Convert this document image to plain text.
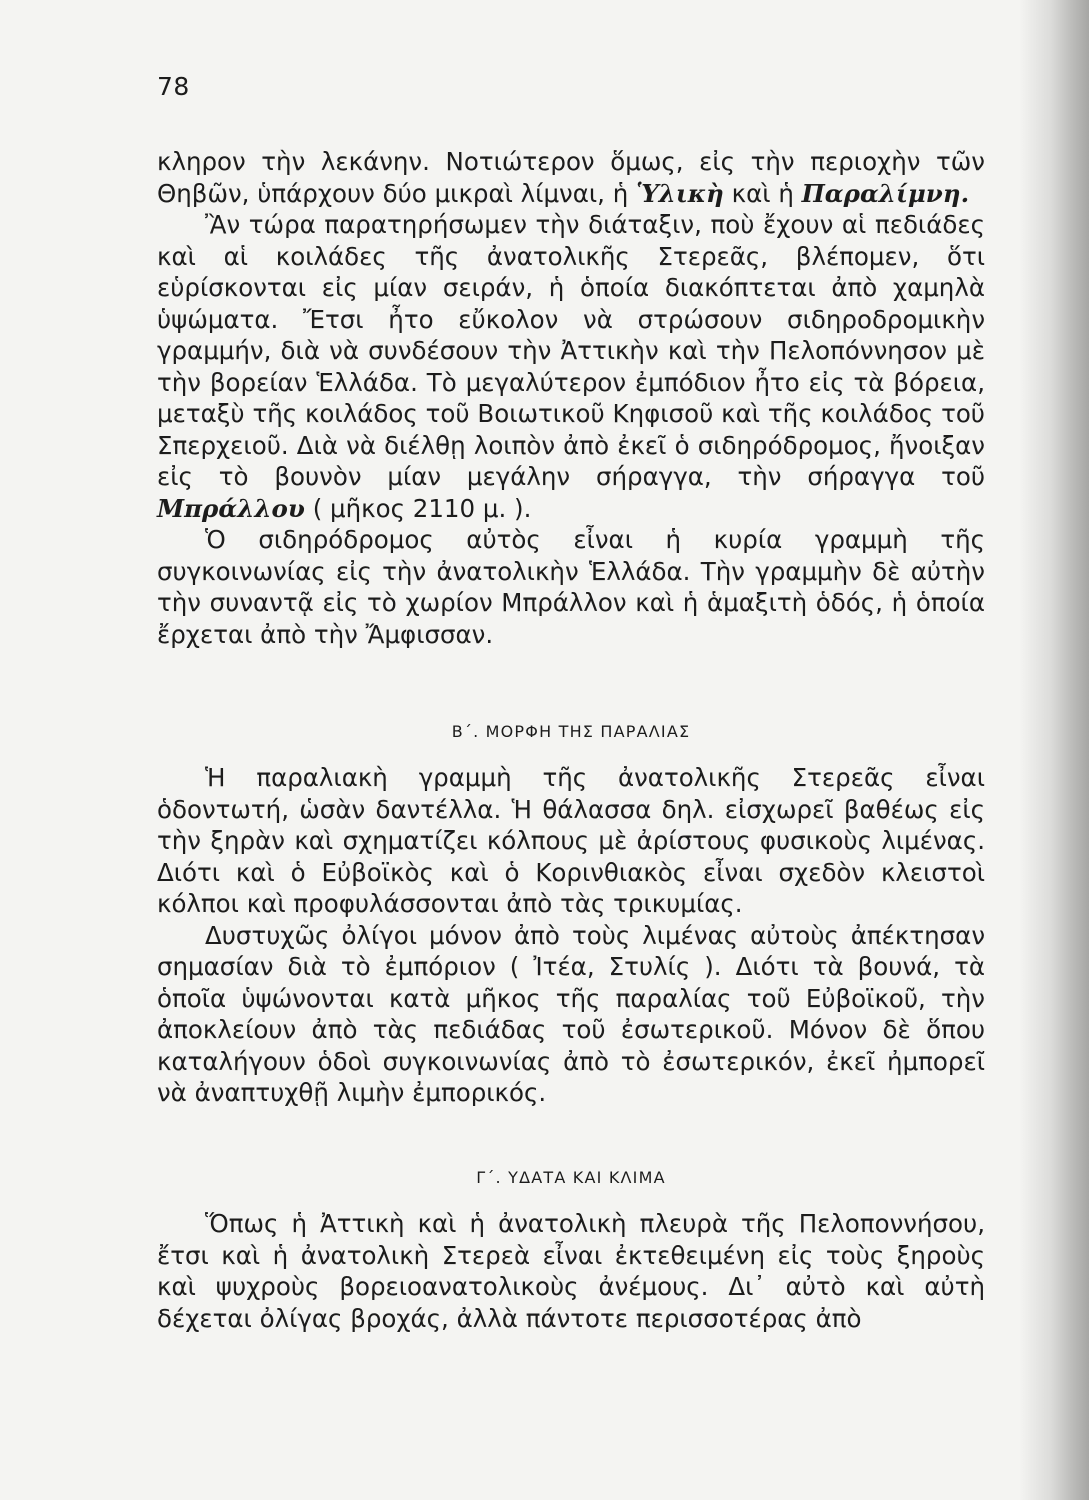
78

κληρον τὴν λεκάνην. Νοτιώτερον ὅμως, εἰς τὴν περιοχὴν τῶν Θηβῶν, ὑπάρχουν δύο μικραὶ λίμναι, ἡ Ὑλικὴ καὶ ἡ Παραλίμνη.

Ἂν τώρα παρατηρήσωμεν τὴν διάταξιν, ποὺ ἔχουν αἱ πεδιάδες καὶ αἱ κοιλάδες τῆς ἀνατολικῆς Στερεᾶς, βλέπομεν, ὅτι εὑρίσκονται εἰς μίαν σειράν, ἡ ὁποία διακόπτεται ἀπὸ χαμηλὰ ὑψώματα. Ἔτσι ἦτο εὔκολον νὰ στρώσουν σιδηροδρομικὴν γραμμήν, διὰ νὰ συνδέσουν τὴν Ἀττικὴν καὶ τὴν Πελοπόννησον μὲ τὴν βορείαν Ἑλλάδα. Τὸ μεγαλύτερον ἐμπόδιον ἦτο εἰς τὰ βόρεια, μεταξὺ τῆς κοιλάδος τοῦ Βοιωτικοῦ Κηφισοῦ καὶ τῆς κοιλάδος τοῦ Σπερχειοῦ. Διὰ νὰ διέλθῃ λοιπὸν ἀπὸ ἐκεῖ ὁ σιδηρόδρομος, ἤνοιξαν εἰς τὸ βουνὸν μίαν μεγάλην σήραγγα, τὴν σήραγγα τοῦ Μπράλλου ( μῆκος 2110 μ. ).

Ὁ σιδηρόδρομος αὐτὸς εἶναι ἡ κυρία γραμμὴ τῆς συγκοινωνίας εἰς τὴν ἀνατολικὴν Ἑλλάδα. Τὴν γραμμὴν δὲ αὐτὴν τὴν συναντᾷ εἰς τὸ χωρίον Μπράλλον καὶ ἡ ἁμαξιτὴ ὁδός, ἡ ὁποία ἔρχεται ἀπὸ τὴν Ἄμφισσαν.

Β΄. ΜΟΡΦΗ ΤΗΣ ΠΑΡΑΛΙΑΣ

Ἡ παραλιακὴ γραμμὴ τῆς ἀνατολικῆς Στερεᾶς εἶναι ὁδοντωτή, ὡσὰν δαντέλλα. Ἡ θάλασσα δηλ. εἰσχωρεῖ βαθέως εἰς τὴν ξηρὰν καὶ σχηματίζει κόλπους μὲ ἀρίστους φυσικοὺς λιμένας. Διότι καὶ ὁ Εὐβοϊκὸς καὶ ὁ Κορινθιακὸς εἶναι σχεδὸν κλειστοὶ κόλποι καὶ προφυλάσσονται ἀπὸ τὰς τρικυμίας.

Δυστυχῶς ὀλίγοι μόνον ἀπὸ τοὺς λιμένας αὐτοὺς ἀπέκτησαν σημασίαν διὰ τὸ ἐμπόριον ( Ἰτέα, Στυλίς ). Διότι τὰ βουνά, τὰ ὁποῖα ὑψώνονται κατὰ μῆκος τῆς παραλίας τοῦ Εὐβοϊκοῦ, τὴν ἀποκλείουν ἀπὸ τὰς πεδιάδας τοῦ ἐσωτερικοῦ. Μόνον δὲ ὅπου καταλήγουν ὁδοὶ συγκοινωνίας ἀπὸ τὸ ἐσωτερικόν, ἐκεῖ ἠμπορεῖ νὰ ἀναπτυχθῇ λιμὴν ἐμπορικός.

Γ΄. ΥΔΑΤΑ ΚΑΙ ΚΛΙΜΑ

Ὅπως ἡ Ἀττικὴ καὶ ἡ ἀνατολικὴ πλευρὰ τῆς Πελοποννήσου, ἔτσι καὶ ἡ ἀνατολικὴ Στερεὰ εἶναι ἐκτεθειμένη εἰς τοὺς ξηροὺς καὶ ψυχροὺς βορειοανατολικοὺς ἀνέμους. Δι᾽ αὐτὸ καὶ αὐτὴ δέχεται ὀλίγας βροχάς, ἀλλὰ πάντοτε περισσοτέρας ἀπὸ
